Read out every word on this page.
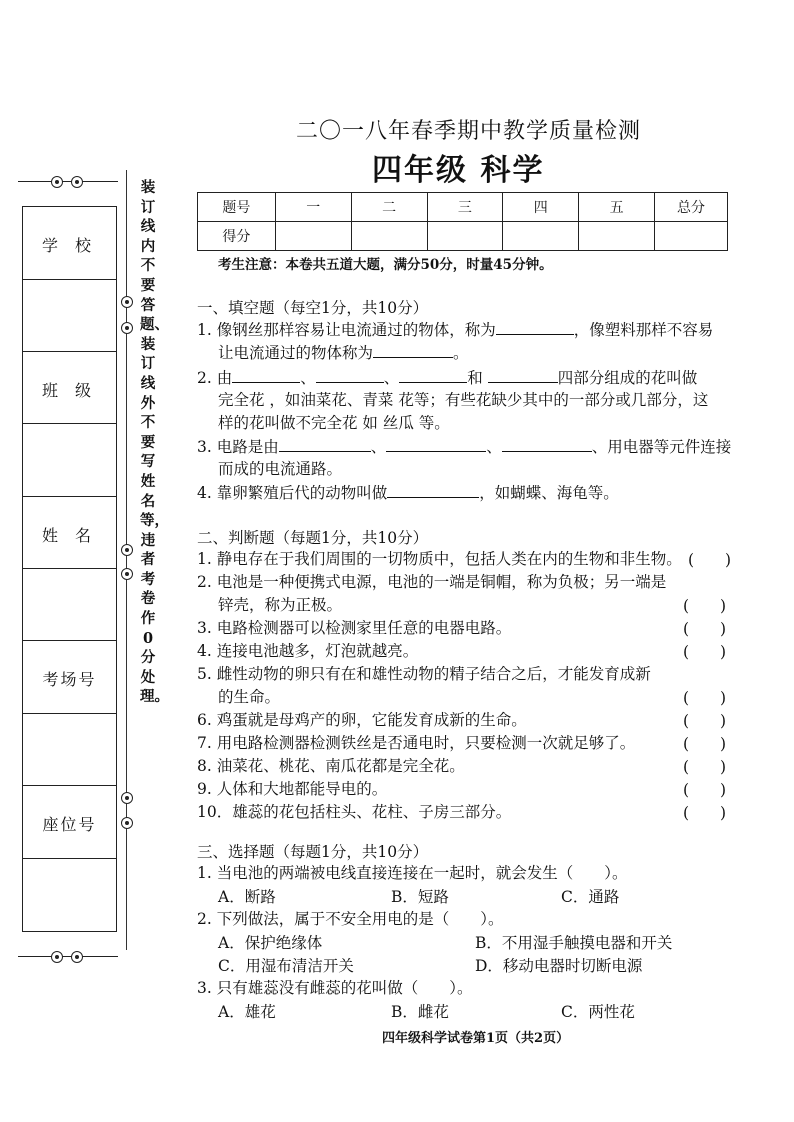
学 校
班 级
姓 名
考场号
座位号
装订线内不要答题、装订线外不要写姓名等，违者考卷作0分处理。
二〇一八年春季期中教学质量检测
四年级 科学
题号	一	二	三	四	五	总分
得分						
考生注意：本卷共五道大题，满分50分，时量45分钟。
一、填空题（每空1分，共10分）
1. 像钢丝那样容易让电流通过的物体，称为	，像塑料那样不容易
让电流通过的物体称为	。
2. 由	、	、	和	四部分组成的花叫做
完全花 ，如油菜花、青菜 花等；有些花缺少其中的一部分或几部分，这
样的花叫做不完全花 如 丝瓜 等。
3. 电路是由	、	、	、用电器等元件连接
而成的电流通路。
4. 靠卵繁殖后代的动物叫做	，如蝴蝶、海龟等。
二、判断题（每题1分，共10分）
1. 静电存在于我们周围的一切物质中，包括人类在内的生物和非生物。 (　　)
2. 电池是一种便携式电源，电池的一端是铜帽，称为负极；另一端是
锌壳，称为正极。	(　　)
3. 电路检测器可以检测家里任意的电器电路。	(　　)
4. 连接电池越多，灯泡就越亮。	(　　)
5. 雌性动物的卵只有在和雄性动物的精子结合之后，才能发育成新
的生命。	(　　)
6. 鸡蛋就是母鸡产的卵，它能发育成新的生命。	(　　)
7. 用电路检测器检测铁丝是否通电时，只要检测一次就足够了。	(　　)
8. 油菜花、桃花、南瓜花都是完全花。	(　　)
9. 人体和大地都能导电的。	(　　)
10．雄蕊的花包括柱头、花柱、子房三部分。	(　　)
三、选择题（每题1分，共10分）
1. 当电池的两端被电线直接连接在一起时，就会发生（　　）。
A．断路	B．短路	C．通路
2. 下列做法，属于不安全用电的是（　　）。
A．保护绝缘体	B．不用湿手触摸电器和开关
C．用湿布清洁开关	D．移动电器时切断电源
3. 只有雄蕊没有雌蕊的花叫做（　　）。
A．雄花	B．雌花	C．两性花
四年级科学试卷第1页（共2页）
